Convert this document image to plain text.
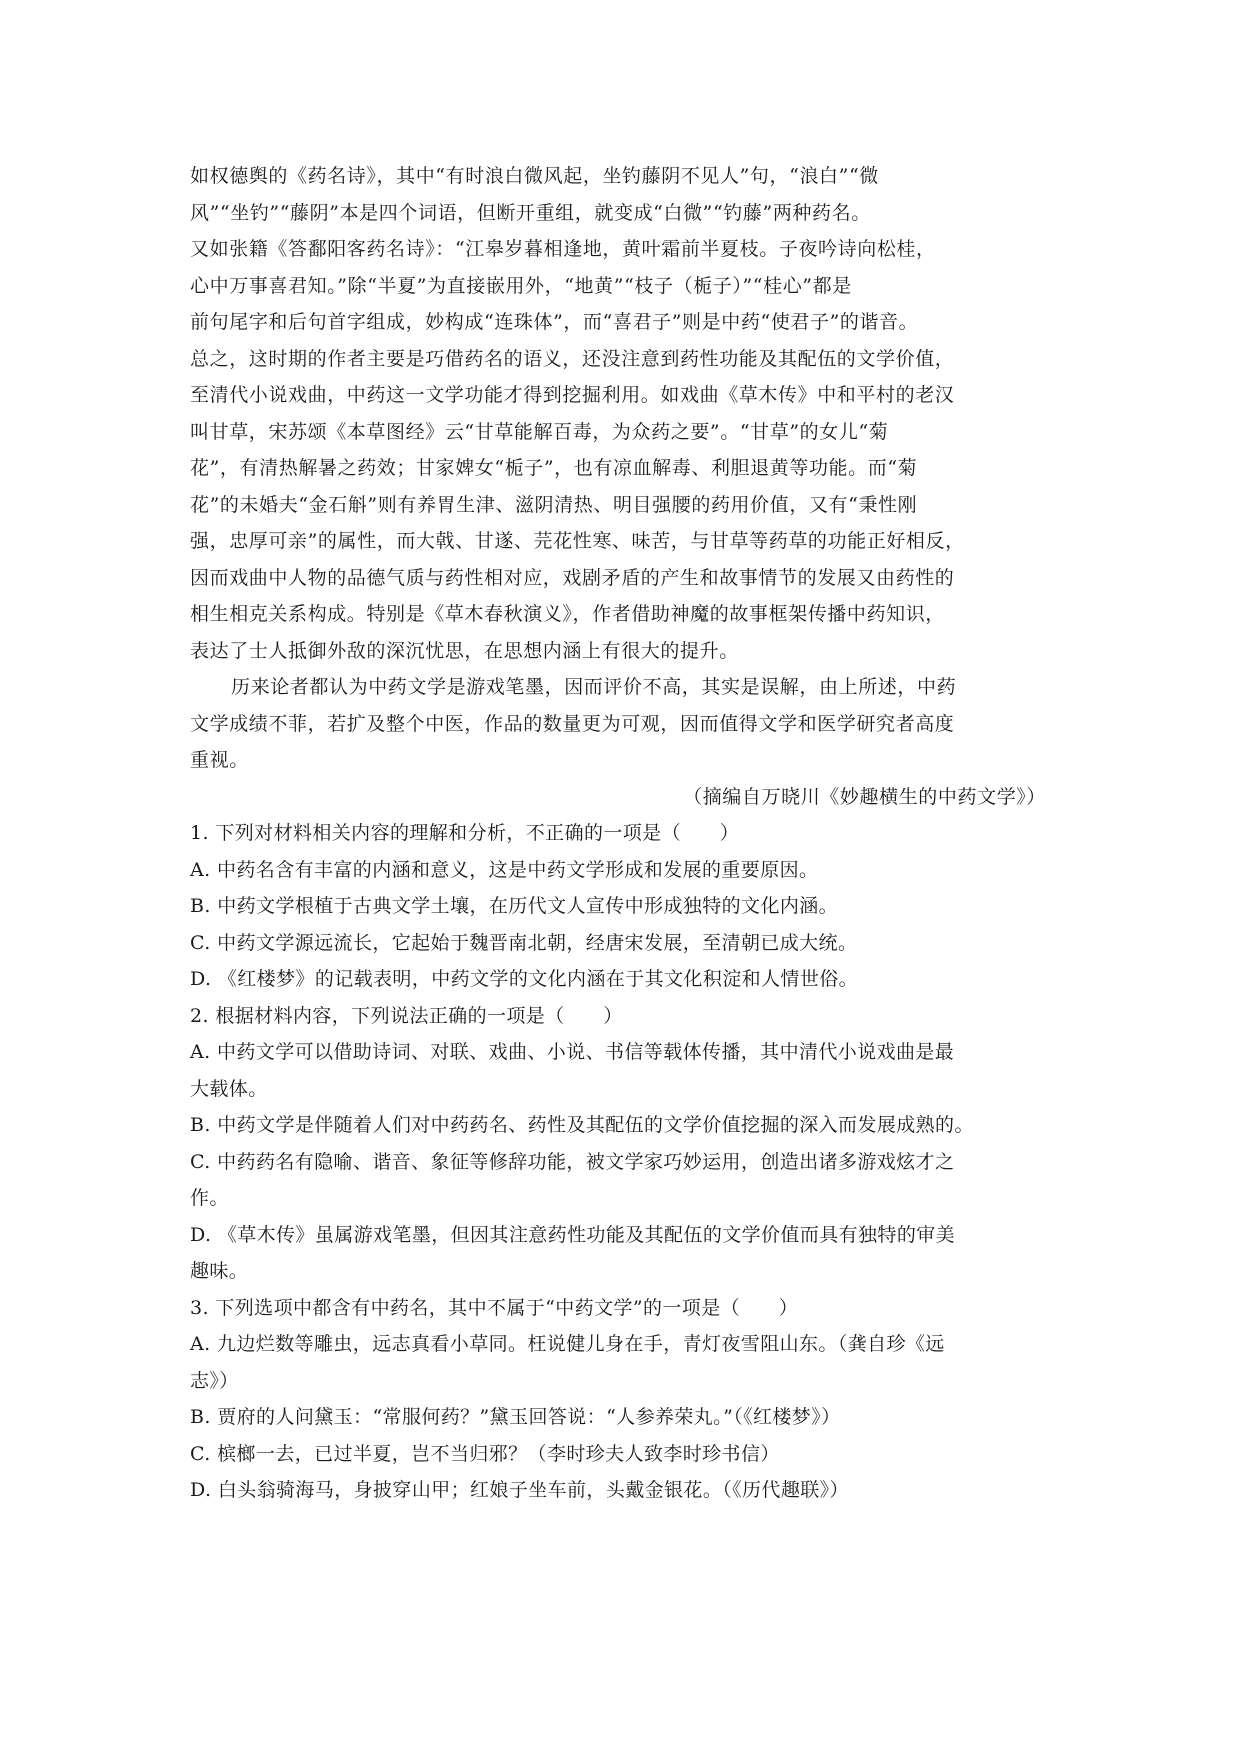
如权德舆的《药名诗》，其中“有时浪白微风起，坐钓藤阴不见人”句，“浪白”“微

风”“坐钓”“藤阴”本是四个词语，但断开重组，就变成“白微”“钓藤”两种药名。

又如张籍《答鄱阳客药名诗》：“江皋岁暮相逢地，黄叶霜前半夏枝。子夜吟诗向松桂，

心中万事喜君知。”除“半夏”为直接嵌用外，“地黄”“枝子（栀子）”“桂心”都是

前句尾字和后句首字组成，妙构成“连珠体”，而“喜君子”则是中药“使君子”的谐音。

总之，这时期的作者主要是巧借药名的语义，还没注意到药性功能及其配伍的文学价值，

至清代小说戏曲，中药这一文学功能才得到挖掘利用。如戏曲《草木传》中和平村的老汉

叫甘草，宋苏颂《本草图经》云“甘草能解百毒，为众药之要”。“甘草”的女儿“菊

花”，有清热解暑之药效；甘家婢女“栀子”，也有凉血解毒、利胆退黄等功能。而“菊

花”的未婚夫“金石斛”则有养胃生津、滋阴清热、明目强腰的药用价值，又有“秉性刚

强，忠厚可亲”的属性，而大戟、甘遂、芫花性寒、味苦，与甘草等药草的功能正好相反，

因而戏曲中人物的品德气质与药性相对应，戏剧矛盾的产生和故事情节的发展又由药性的

相生相克关系构成。特别是《草木春秋演义》，作者借助神魔的故事框架传播中药知识，

表达了士人抵御外敌的深沉忧思，在思想内涵上有很大的提升。

历来论者都认为中药文学是游戏笔墨，因而评价不高，其实是误解，由上所述，中药

文学成绩不菲，若扩及整个中医，作品的数量更为可观，因而值得文学和医学研究者高度

重视。

（摘编自万晓川《妙趣横生的中药文学》）

1. 下列对材料相关内容的理解和分析，不正确的一项是（　　）
A. 中药名含有丰富的内涵和意义，这是中药文学形成和发展的重要原因。
B. 中药文学根植于古典文学土壤，在历代文人宣传中形成独特的文化内涵。
C. 中药文学源远流长，它起始于魏晋南北朝，经唐宋发展，至清朝已成大统。
D. 《红楼梦》的记载表明，中药文学的文化内涵在于其文化积淀和人情世俗。
2. 根据材料内容，下列说法正确的一项是（　　）
A. 中药文学可以借助诗词、对联、戏曲、小说、书信等载体传播，其中清代小说戏曲是最
大载体。
B. 中药文学是伴随着人们对中药药名、药性及其配伍的文学价值挖掘的深入而发展成熟的。
C. 中药药名有隐喻、谐音、象征等修辞功能，被文学家巧妙运用，创造出诸多游戏炫才之
作。
D. 《草木传》虽属游戏笔墨，但因其注意药性功能及其配伍的文学价值而具有独特的审美
趣味。
3. 下列选项中都含有中药名，其中不属于“中药文学”的一项是（　　）
A. 九边烂数等雕虫，远志真看小草同。枉说健儿身在手，青灯夜雪阻山东。（龚自珍《远
志》）
B. 贾府的人问黛玉：“常服何药？”黛玉回答说：“人参养荣丸。”（《红楼梦》）
C. 槟榔一去，已过半夏，岂不当归邪？（李时珍夫人致李时珍书信）
D. 白头翁骑海马，身披穿山甲；红娘子坐车前，头戴金银花。（《历代趣联》）
